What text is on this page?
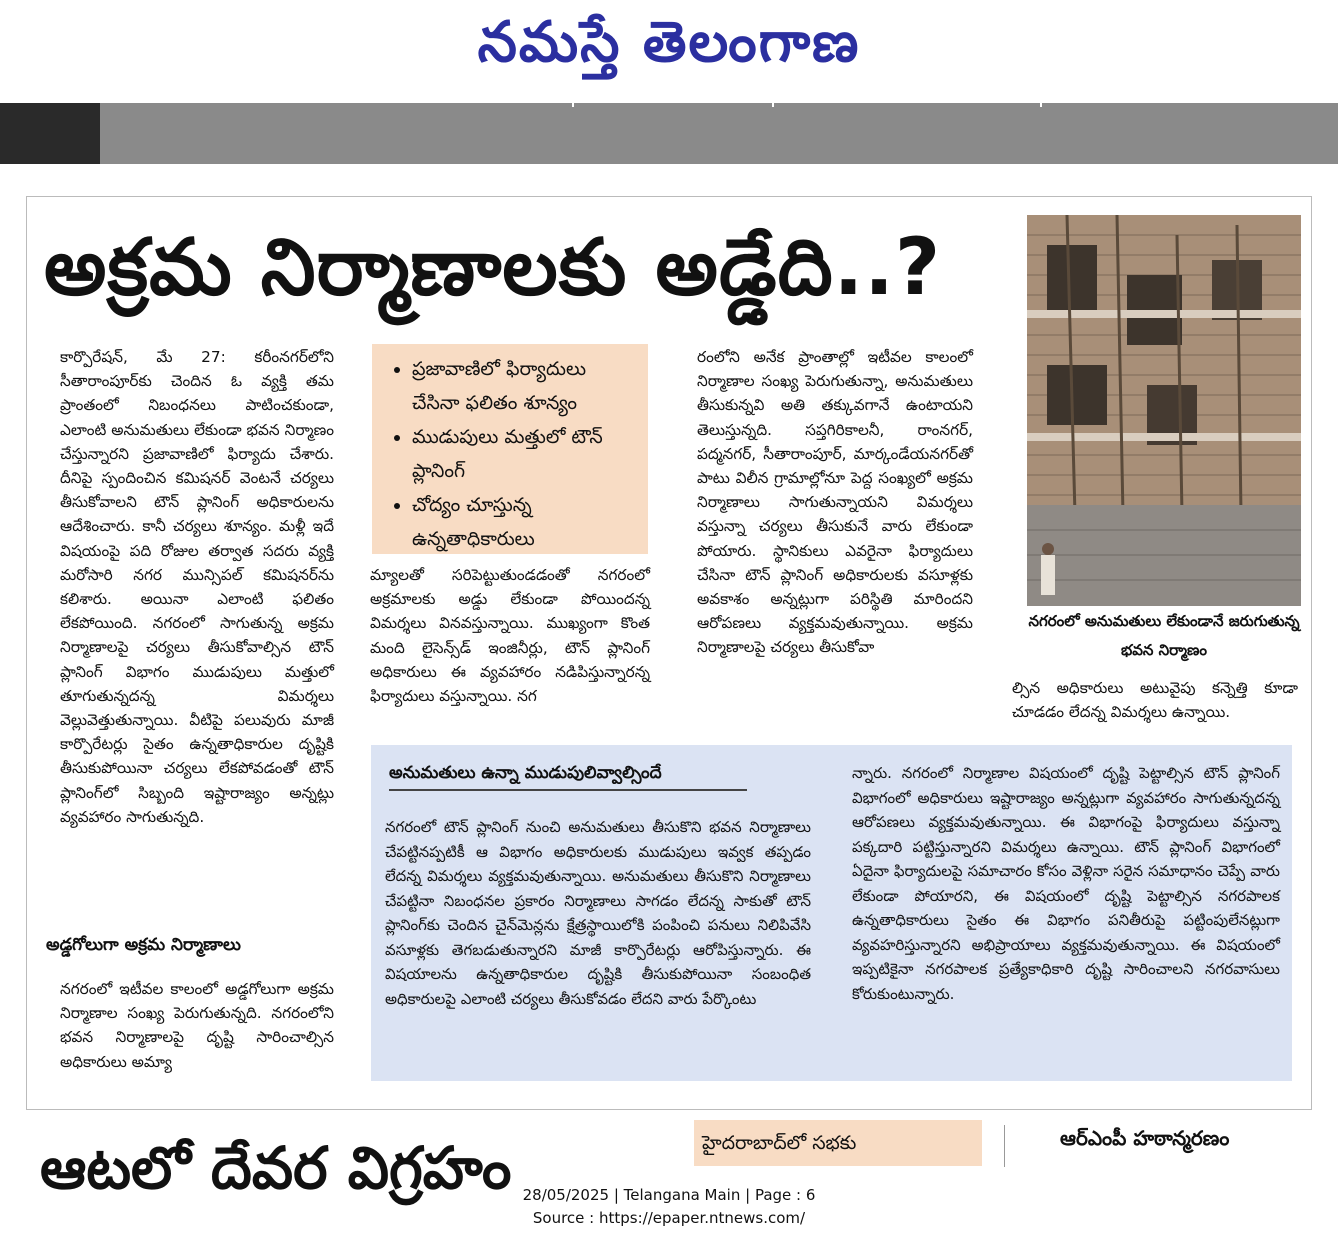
నమస్తే తెలంగాణ
అక్రమ నిర్మాణాలకు అడ్డేది..?

కార్పొరేషన్‌, మే 27: కరీంనగర్‌లోని సీతారాంపూర్‌కు చెందిన ఓ వ్యక్తి తమ ప్రాంతంలో నిబంధనలు పాటించకుండా, ఎలాంటి అనుమతులు లేకుండా భవన నిర్మాణం చేస్తున్నారని ప్రజావాణిలో ఫిర్యాదు చేశారు. దీనిపై స్పందించిన కమిషనర్‌ వెంటనే చర్యలు తీసుకోవాలని టౌన్‌ ప్లానింగ్‌ అధికారులను ఆదేశించారు. కానీ చర్యలు శూన్యం. మళ్లీ ఇదే విషయంపై పది రోజుల తర్వాత సదరు వ్యక్తి మరోసారి నగర మున్సిపల్‌ కమిషనర్‌ను కలిశారు. అయినా ఎలాంటి ఫలితం లేకపోయింది. నగరంలో సాగుతున్న అక్రమ నిర్మాణాలపై చర్యలు తీసుకోవాల్సిన టౌన్‌ ప్లానింగ్‌ విభాగం ముడుపులు మత్తులో తూగుతున్నదన్న విమర్శలు వెల్లువెత్తుతున్నాయి. వీటిపై పలువురు మాజీ కార్పొరేటర్లు సైతం ఉన్నతాధికారుల దృష్టికి తీసుకుపోయినా చర్యలు లేకపోవడంతో టౌన్‌ ప్లానింగ్‌లో సిబ్బంది ఇష్టారాజ్యం అన్నట్లు వ్యవహారం సాగుతున్నది.

అడ్డగోలుగా అక్రమ నిర్మాణాలు

నగరంలో ఇటీవల కాలంలో అడ్డగోలుగా అక్రమ నిర్మాణాల సంఖ్య పెరుగుతున్నది. నగరంలోని భవన నిర్మాణాలపై దృష్టి సారించాల్సిన అధికారులు అమ్యా

• ప్రజావాణిలో ఫిర్యాదులు చేసినా ఫలితం శూన్యం
• ముడుపులు మత్తులో టౌన్‌ ప్లానింగ్‌
• చోద్యం చూస్తున్న ఉన్నతాధికారులు

మ్యాలతో సరిపెట్టుతుండడంతో నగరంలో అక్రమాలకు అడ్డు లేకుండా పోయిందన్న విమర్శలు వినవస్తున్నాయి. ముఖ్యంగా కొంత మంది లైసెన్స్‌డ్‌ ఇంజినీర్లు, టౌన్‌ ప్లానింగ్‌ అధికారులు ఈ వ్యవహారం నడిపిస్తున్నారన్న ఫిర్యాదులు వస్తున్నాయి. నగ

రంలోని అనేక ప్రాంతాల్లో ఇటీవల కాలంలో నిర్మాణాల సంఖ్య పెరుగుతున్నా, అనుమతులు తీసుకున్నవి అతి తక్కువగానే ఉంటాయని తెలుస్తున్నది. సప్తగిరికాలనీ, రాంనగర్‌, పద్మనగర్‌, సీతారాంపూర్‌, మార్కండేయనగర్‌తో పాటు విలీన గ్రామాల్లోనూ పెద్ద సంఖ్యలో అక్రమ నిర్మాణాలు సాగుతున్నాయని విమర్శలు వస్తున్నా చర్యలు తీసుకునే వారు లేకుండా పోయారు. స్థానికులు ఎవరైనా ఫిర్యాదులు చేసినా టౌన్‌ ప్లానింగ్‌ అధికారులకు వసూళ్లకు అవకాశం అన్నట్లుగా పరిస్థితి మారిందని ఆరోపణలు వ్యక్తమవుతున్నాయి. అక్రమ నిర్మాణాలపై చర్యలు తీసుకోవా

నగరంలో అనుమతులు లేకుండానే జరుగుతున్న భవన నిర్మాణం

ల్సిన అధికారులు అటువైపు కన్నెత్తి కూడా చూడడం లేదన్న విమర్శలు ఉన్నాయి.

అనుమతులు ఉన్నా ముడుపులివ్వాల్సిందే

నగరంలో టౌన్‌ ప్లానింగ్‌ నుంచి అనుమతులు తీసుకొని భవన నిర్మాణాలు చేపట్టినప్పటికీ ఆ విభాగం అధికారులకు ముడుపులు ఇవ్వక తప్పడం లేదన్న విమర్శలు వ్యక్తమవుతున్నాయి. అనుమతులు తీసుకొని నిర్మాణాలు చేపట్టినా నిబంధనల ప్రకారం నిర్మాణాలు సాగడం లేదన్న సాకుతో టౌన్‌ ప్లానింగ్‌కు చెందిన చైన్‌మెన్లను క్షేత్రస్థాయిలోకి పంపించి పనులు నిలిపివేసి వసూళ్లకు తెగబడుతున్నారని మాజీ కార్పొరేటర్లు ఆరోపిస్తున్నారు. ఈ విషయాలను ఉన్నతాధికారుల దృష్టికి తీసుకుపోయినా సంబంధిత అధికారులపై ఎలాంటి చర్యలు తీసుకోవడం లేదని వారు పేర్కొంటు

న్నారు. నగరంలో నిర్మాణాల విషయంలో దృష్టి పెట్టాల్సిన టౌన్‌ ప్లానింగ్‌ విభాగంలో అధికారులు ఇష్టారాజ్యం అన్నట్లుగా వ్యవహారం సాగుతున్నదన్న ఆరోపణలు వ్యక్తమవుతున్నాయి. ఈ విభాగంపై ఫిర్యాదులు వస్తున్నా పక్కదారి పట్టిస్తున్నారని విమర్శలు ఉన్నాయి. టౌన్‌ ప్లానింగ్‌ విభాగంలో ఏదైనా ఫిర్యాదులపై సమాచారం కోసం వెళ్లినా సరైన సమాధానం చెప్పే వారు లేకుండా పోయారని, ఈ విషయంలో దృష్టి పెట్టాల్సిన నగరపాలక ఉన్నతాధికారులు సైతం ఈ విభాగం పనితీరుపై పట్టింపులేనట్లుగా వ్యవహరిస్తున్నారని అభిప్రాయాలు వ్యక్తమవుతున్నాయి. ఈ విషయంలో ఇప్పటికైనా నగరపాలక ప్రత్యేకాధికారి దృష్టి సారించాలని నగరవాసులు కోరుకుంటున్నారు.

ఆటలో దేవర విగ్రహం	హైదరాబాద్‌లో సభకు	ఆర్‌ఎంపీ హఠాన్మరణం
28/05/2025 | Telangana Main | Page : 6
Source : https://epaper.ntnews.com/
